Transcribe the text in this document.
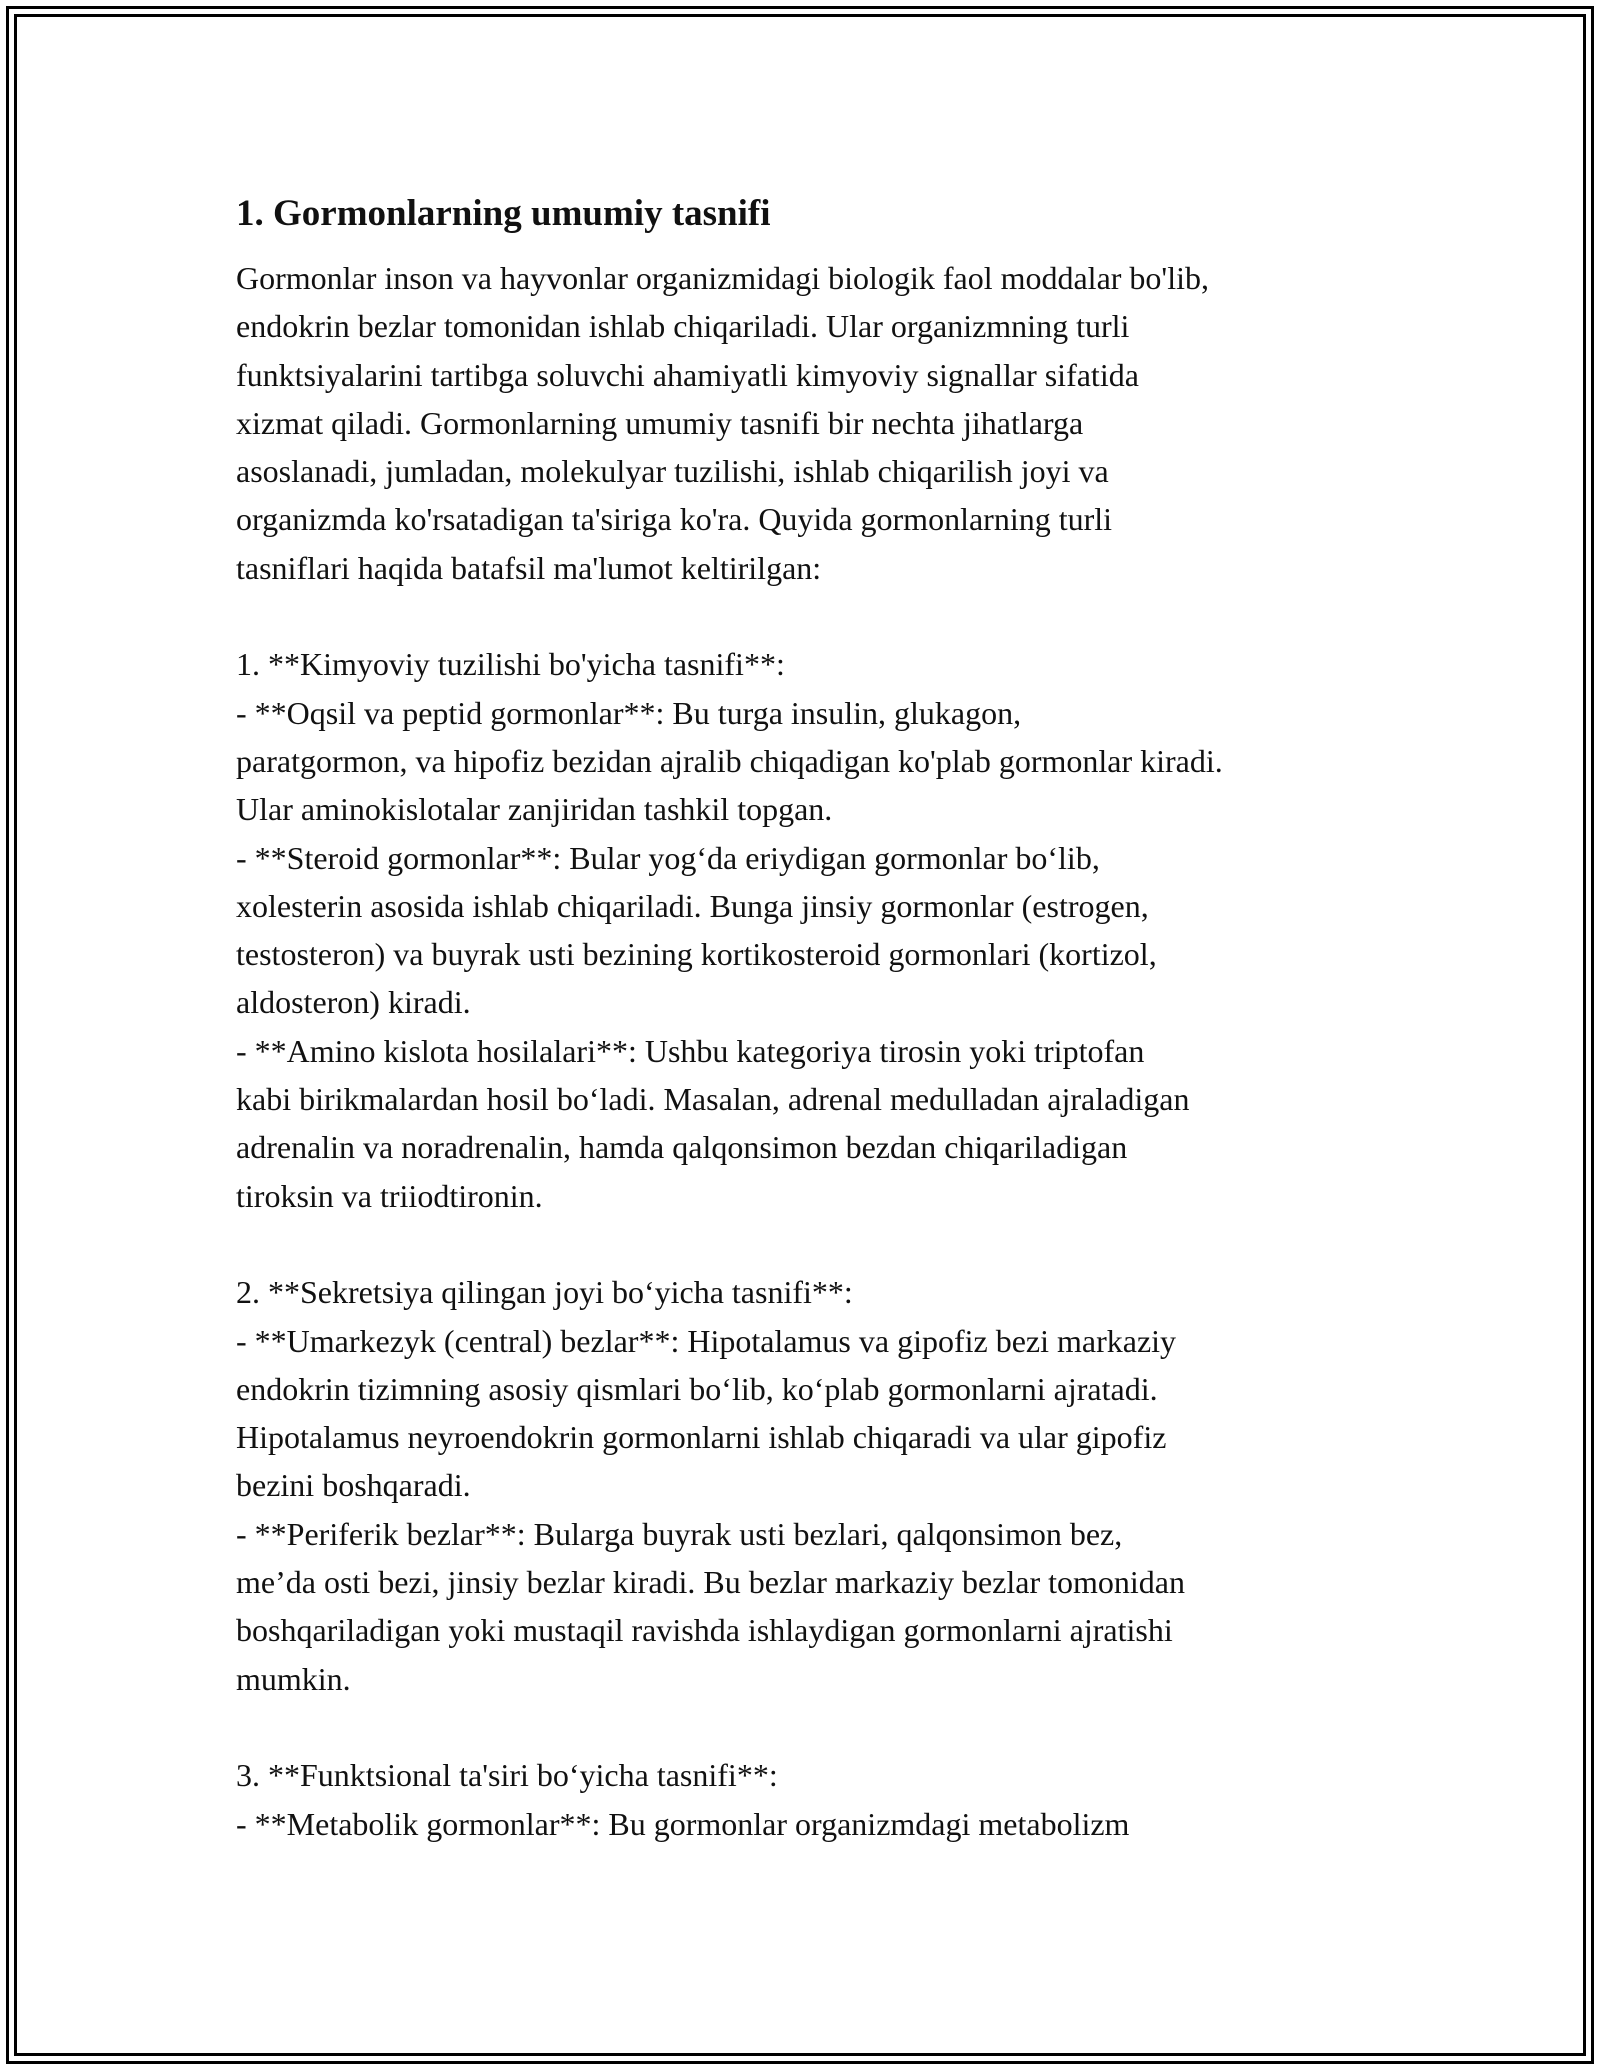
1. Gormonlarning umumiy tasnifi

Gormonlar inson va hayvonlar organizmidagi biologik faol moddalar bo'lib,
endokrin bezlar tomonidan ishlab chiqariladi. Ular organizmning turli
funktsiyalarini tartibga soluvchi ahamiyatli kimyoviy signallar sifatida
xizmat qiladi. Gormonlarning umumiy tasnifi bir nechta jihatlarga
asoslanadi, jumladan, molekulyar tuzilishi, ishlab chiqarilish joyi va
organizmda ko'rsatadigan ta'siriga ko'ra. Quyida gormonlarning turli
tasniflari haqida batafsil ma'lumot keltirilgan:

1. **Kimyoviy tuzilishi bo'yicha tasnifi**:
- **Oqsil va peptid gormonlar**: Bu turga insulin, glukagon,
paratgormon, va hipofiz bezidan ajralib chiqadigan ko'plab gormonlar kiradi.
Ular aminokislotalar zanjiridan tashkil topgan.
- **Steroid gormonlar**: Bular yog‘da eriydigan gormonlar bo‘lib,
xolesterin asosida ishlab chiqariladi. Bunga jinsiy gormonlar (estrogen,
testosteron) va buyrak usti bezining kortikosteroid gormonlari (kortizol,
aldosteron) kiradi.
- **Amino kislota hosilalari**: Ushbu kategoriya tirosin yoki triptofan
kabi birikmalardan hosil bo‘ladi. Masalan, adrenal medulladan ajraladigan
adrenalin va noradrenalin, hamda qalqonsimon bezdan chiqariladigan
tiroksin va triiodtironin.

2. **Sekretsiya qilingan joyi bo‘yicha tasnifi**:
- **Umarkezyk (central) bezlar**: Hipotalamus va gipofiz bezi markaziy
endokrin tizimning asosiy qismlari bo‘lib, ko‘plab gormonlarni ajratadi.
Hipotalamus neyroendokrin gormonlarni ishlab chiqaradi va ular gipofiz
bezini boshqaradi.
- **Periferik bezlar**: Bularga buyrak usti bezlari, qalqonsimon bez,
me’da osti bezi, jinsiy bezlar kiradi. Bu bezlar markaziy bezlar tomonidan
boshqariladigan yoki mustaqil ravishda ishlaydigan gormonlarni ajratishi
mumkin.

3. **Funktsional ta'siri bo‘yicha tasnifi**:
- **Metabolik gormonlar**: Bu gormonlar organizmdagi metabolizm
